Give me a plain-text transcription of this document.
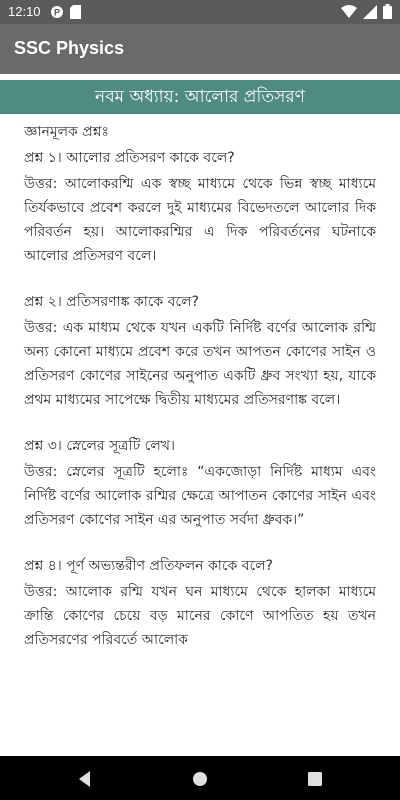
12:10 P
SSC Physics
নবম অধ্যায়: আলোর প্রতিসরণ
জ্ঞানমূলক প্রশ্নঃ
প্রশ্ন ১। আলোর প্রতিসরণ কাকে বলে?
উত্তর: আলোকরশ্মি এক স্বচ্ছ মাধ্যমে থেকে ভিন্ন স্বচ্ছ মাধ্যমে তির্যকভাবে প্রবেশ করলে দুই মাধ্যমের বিভেদতলে আলোর দিক পরিবর্তন হয়। আলোকরশ্মির এ দিক পরিবর্তনের ঘটনাকে আলোর প্রতিসরণ বলে।
প্রশ্ন ২। প্রতিসরণাঙ্ক কাকে বলে?
উত্তর: এক মাধ্যম থেকে যখন একটি নির্দিষ্ট বর্ণের আলোক রশ্মি অন্য কোনো মাধ্যমে প্রবেশ করে তখন আপতন কোণের সাইন ও প্রতিসরণ কোণের সাইনের অনুপাত একটি ধ্রুব সংখ্যা হয়, যাকে প্রথম মাধ্যমের সাপেক্ষে দ্বিতীয় মাধ্যমের প্রতিসরণাঙ্ক বলে।
প্রশ্ন ৩। স্নেলের সূত্রটি লেখ।
উত্তর: স্নেলের সূত্রটি হলোঃ “একজোড়া নির্দিষ্ট মাধ্যম এবং নির্দিষ্ট বর্ণের আলোক রশ্মির ক্ষেত্রে আপাতন কোণের সাইন এবং প্রতিসরণ কোণের সাইন এর অনুপাত সর্বদা ধ্রুবক।”
প্রশ্ন ৪। পূর্ণ অভ্যন্তরীণ প্রতিফলন কাকে বলে?
উত্তর: আলোক রশ্মি যখন ঘন মাধ্যমে থেকে হালকা মাধ্যমে ক্রান্তি কোণের চেয়ে বড় মানের কোণে আপতিত হয় তখন প্রতিসরণের পরিবর্তে আলোক
